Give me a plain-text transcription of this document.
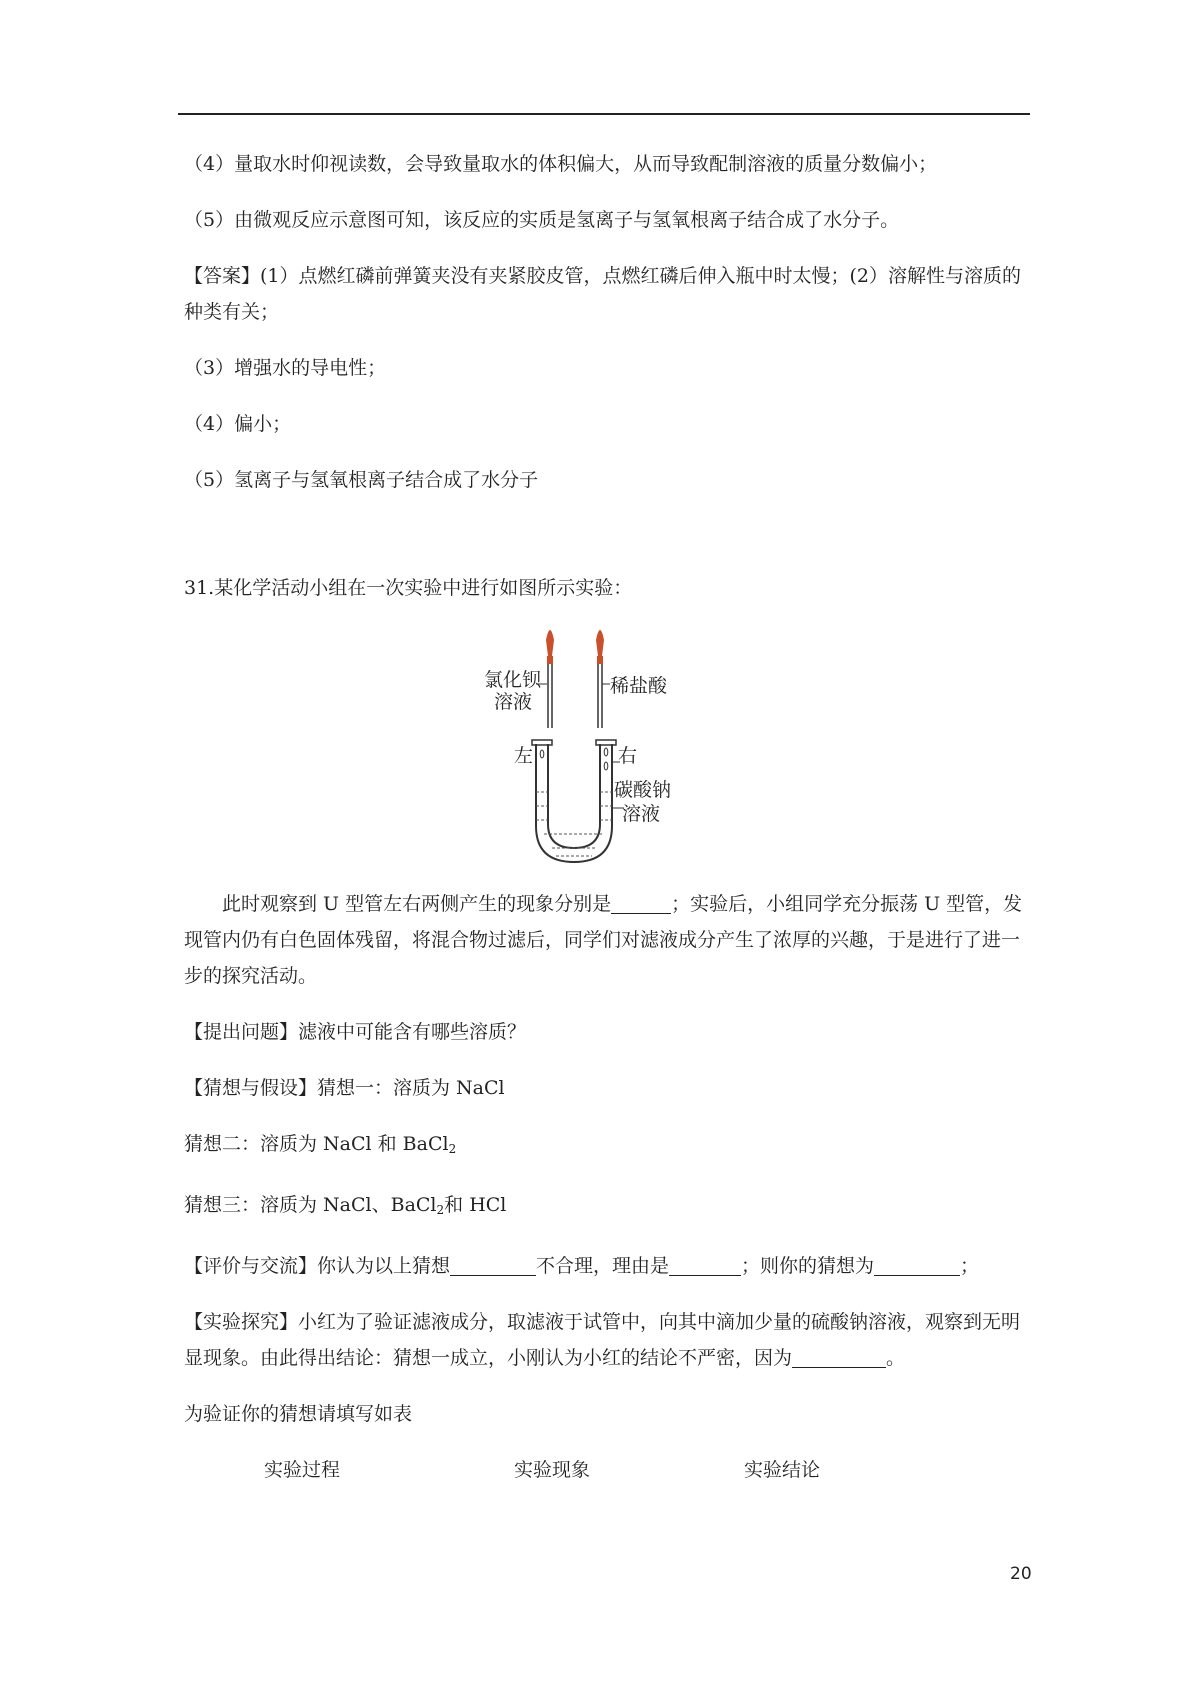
（4）量取水时仰视读数，会导致量取水的体积偏大，从而导致配制溶液的质量分数偏小；

（5）由微观反应示意图可知，该反应的实质是氢离子与氢氧根离子结合成了水分子。

【答案】(1）点燃红磷前弹簧夹没有夹紧胶皮管，点燃红磷后伸入瓶中时太慢；(2）溶解性与溶质的种类有关；

（3）增强水的导电性；

（4）偏小；

（5）氢离子与氢氧根离子结合成了水分子

31.某化学活动小组在一次实验中进行如图所示实验：

氯化钡
溶液
稀盐酸
左	右
碳酸钠
溶液

此时观察到 U 型管左右两侧产生的现象分别是	；实验后，小组同学充分振荡 U 型管，发现管内仍有白色固体残留，将混合物过滤后，同学们对滤液成分产生了浓厚的兴趣，于是进行了进一步的探究活动。

【提出问题】滤液中可能含有哪些溶质？

【猜想与假设】猜想一：溶质为 NaCl

猜想二：溶质为 NaCl 和 BaCl$_2$

猜想三：溶质为 NaCl、BaCl$_2$和 HCl

【评价与交流】你认为以上猜想	不合理，理由是	；则你的猜想为	；

【实验探究】小红为了验证滤液成分，取滤液于试管中，向其中滴加少量的硫酸钠溶液，观察到无明显现象。由此得出结论：猜想一成立，小刚认为小红的结论不严密，因为	。

为验证你的猜想请填写如表

实验过程	实验现象	实验结论
20
